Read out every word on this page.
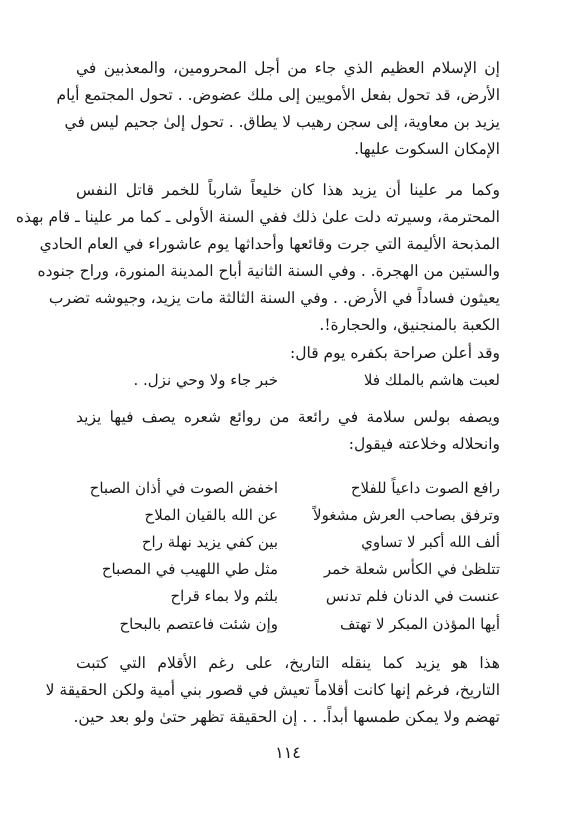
إن الإسلام العظيم الذي جاء من أجل المحرومين، والمعذبين في
الأرض، قد تحول بفعل الأمويين إلى ملك عضوض. . تحول المجتمع أيام
يزيد بن معاوية، إلى سجن رهيب لا يطاق. . تحول إلىٰ جحيم ليس في
الإمكان السكوت عليها.
وكما مر علينا أن يزيد هذا كان خليعاً شارباً للخمر قاتل النفس
المحترمة، وسيرته دلت علىٰ ذلك ففي السنة الأولى ـ كما مر علينا ـ قام بهذه
المذبحة الأليمة التي جرت وقائعها وأحداثها يوم عاشوراء في العام الحادي
والستين من الهجرة. . وفي السنة الثانية أباح المدينة المنورة، وراح جنوده
يعيثون فساداً في الأرض. . وفي السنة الثالثة مات يزيد، وجيوشه تضرب
الكعبة بالمنجنيق، والحجارة!.
وقد أعلن صراحة بكفره يوم قال:
لعبت هاشم بالملك فلا
خبر جاء ولا وحي نزل. .
ويصفه بولس سلامة في رائعة من روائع شعره يصف فيها يزيد
وانحلاله وخلاعته فيقول:
رافع الصوت داعياً للفلاح
اخفض الصوت في أذان الصباح
وترفق بصاحب العرش مشغولاً
عن الله بالقيان الملاح
ألف الله أكبر لا تساوي
بين كفي يزيد نهلة راح
تتلظىٰ في الكأس شعلة خمر
مثل طي اللهيب في المصباح
عنست في الدنان فلم تدنس
بلثم ولا بماء قراح
أيها المؤذن المبكر لا تهتف
وإن شئت فاعتصم بالبحاح
هذا هو يزيد كما ينقله التاريخ، على رغم الأقلام التي كتبت
التاريخ، فرغم إنها كانت أقلاماً تعيش في قصور بني أمية ولكن الحقيقة لا
تهضم ولا يمكن طمسها أبداً. . . إن الحقيقة تظهر حتىٰ ولو بعد حين.
١١٤
